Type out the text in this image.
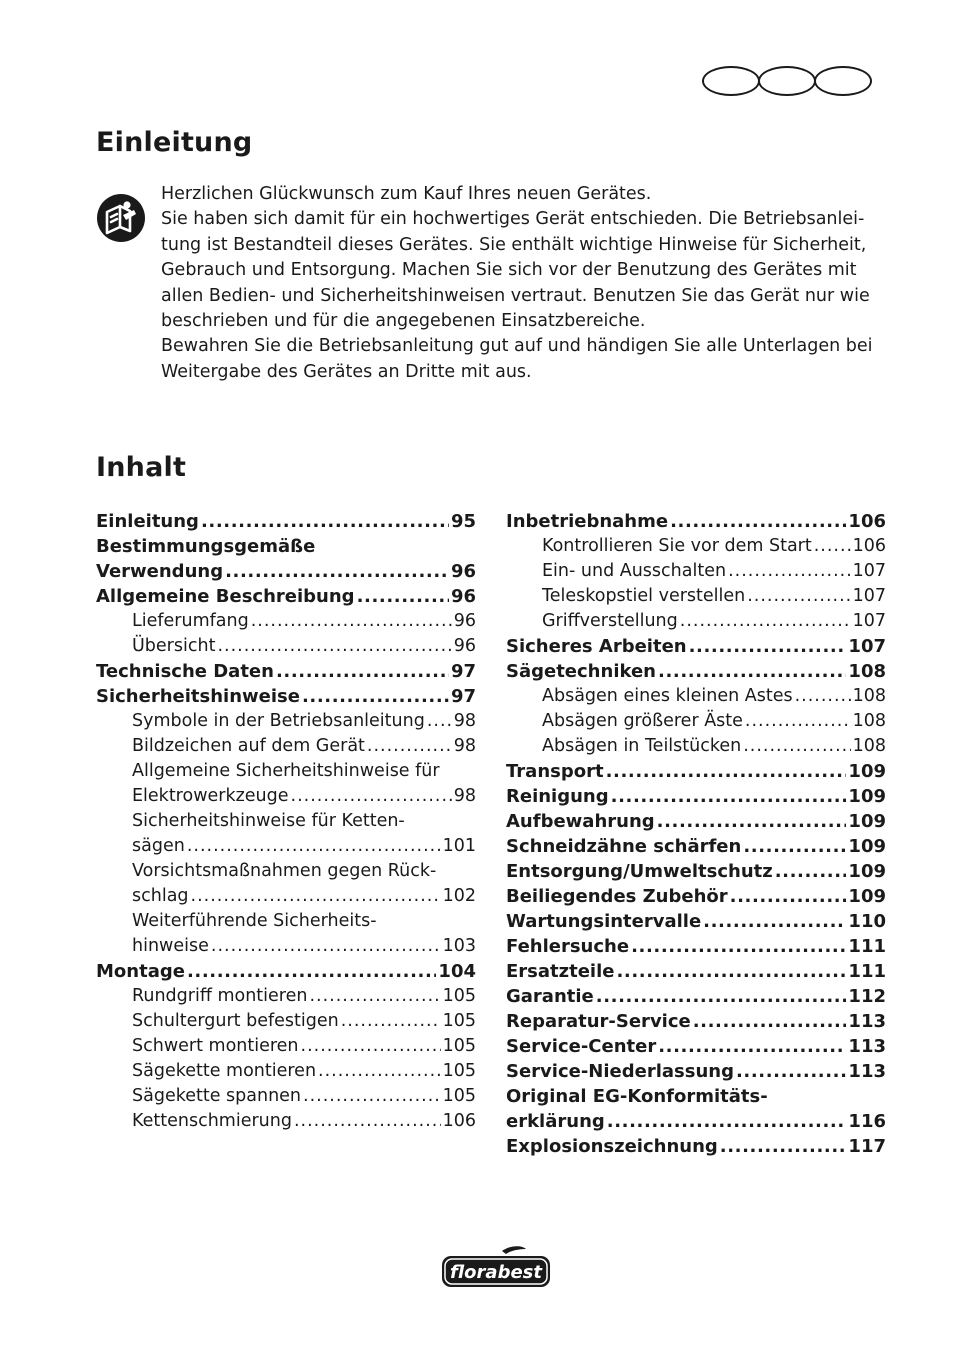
Einleitung

Herzlichen Glückwunsch zum Kauf Ihres neuen Gerätes.

Sie haben sich damit für ein hochwertiges Gerät entschieden. Die Betriebsanlei-

tung ist Bestandteil dieses Gerätes. Sie enthält wichtige Hinweise für Sicherheit,

Gebrauch und Entsorgung. Machen Sie sich vor der Benutzung des Gerätes mit

allen Bedien- und Sicherheitshinweisen vertraut. Benutzen Sie das Gerät nur wie

beschrieben und für die angegebenen Einsatzbereiche.

Bewahren Sie die Betriebsanleitung gut auf und händigen Sie alle Unterlagen bei

Weitergabe des Gerätes an Dritte mit aus.

Inhalt
Einleitung .....	95
Bestimmungsgemäße
Verwendung .....	96
Allgemeine Beschreibung .....	96
Lieferumfang .....	96
Übersicht .....	96
Technische Daten .....	97
Sicherheitshinweise .....	97
Symbole in der Betriebsanleitung ..... 98
Bildzeichen auf dem Gerät .....	98
Allgemeine Sicherheitshinweise für
Elektrowerkzeuge .....	98
Sicherheitshinweise für Ketten-
sägen .....	101
Vorsichtsmaßnahmen gegen Rück-
schlag .....	102
Weiterführende Sicherheits-
hinweise .....	103
Montage .....	104
Rundgriff montieren .....	105
Schultergurt befestigen .....	105
Schwert montieren .....	105
Sägekette montieren .....	105
Sägekette spannen .....	105
Kettenschmierung .....	106
Inbetriebnahme .....	106
Kontrollieren Sie vor dem Start ..... 106
Ein- und Ausschalten .....	107
Teleskopstiel verstellen .....	107
Griffverstellung .....	107
Sicheres Arbeiten .....	107
Sägetechniken .....	108
Absägen eines kleinen Astes .....	108
Absägen größerer Äste .....	108
Absägen in Teilstücken .....	108
Transport .....	109
Reinigung .....	109
Aufbewahrung .....	109
Schneidzähne schärfen .....	109
Entsorgung/Umweltschutz .....	109
Beiliegendes Zubehör .....	109
Wartungsintervalle .....	110
Fehlersuche .....	111
Ersatzteile .....	111
Garantie .....	112
Reparatur-Service .....	113
Service-Center .....	113
Service-Niederlassung .....	113
Original EG-Konformitäts-
erklärung .....	116
Explosionszeichnung .....	117
florabest
